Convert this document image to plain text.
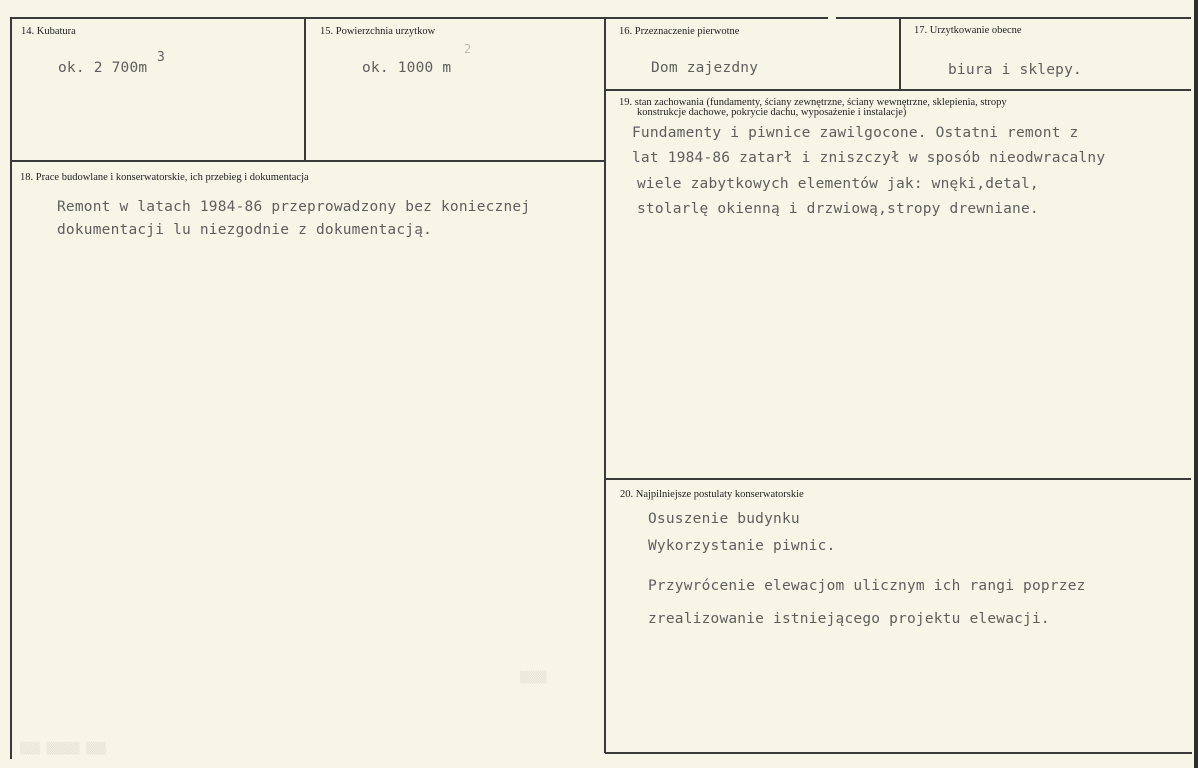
▒▒▒ ▒▒▒▒▒ ▒▒▒
▒▒▒▒
14. Kubatura
ok. 2 700m
3
15. Powierzchnia urzytkow
ok. 1000 m
2
16. Przeznaczenie pierwotne
Dom zajezdny
17. Urzytkowanie obecne
biura i sklepy.
18. Prace budowlane i konserwatorskie, ich przebieg i dokumentacja
Remont w latach 1984-86 przeprowadzony bez koniecznej
dokumentacji lu niezgodnie z dokumentacją.
19. stan zachowania (fundamenty, ściany zewnętrzne, ściany wewnętrzne, sklepienia, stropy
konstrukcje dachowe, pokrycie dachu, wyposażenie i instalacje)
Fundamenty i piwnice zawilgocone. Ostatni remont z
lat 1984-86 zatarł i zniszczył w sposób nieodwracalny
wiele zabytkowych elementów jak: wnęki,detal,
stolarlę okienną i drzwiową,stropy drewniane.
20. Najpilniejsze postulaty konserwatorskie
Osuszenie budynku
Wykorzystanie piwnic.
Przywrócenie elewacjom ulicznym ich rangi poprzez
zrealizowanie istniejącego projektu elewacji.
